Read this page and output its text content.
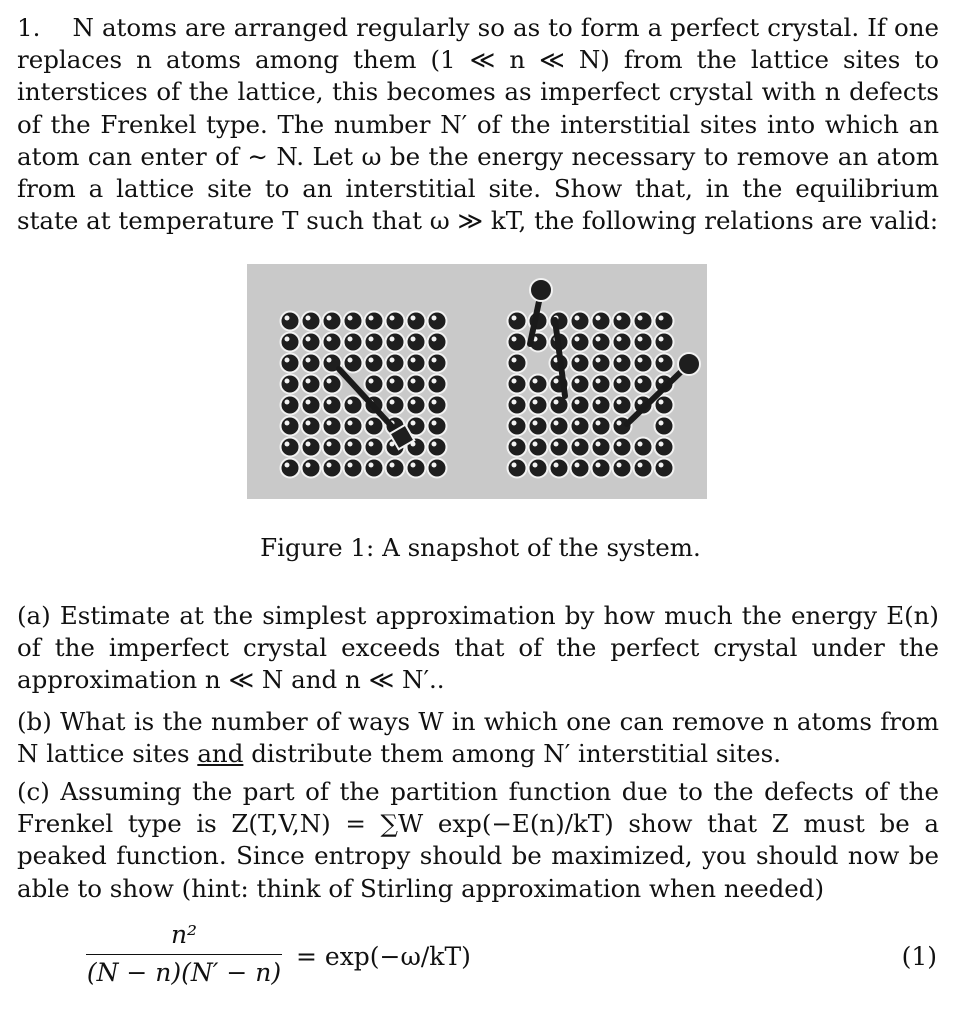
1. N atoms are arranged regularly so as to form a perfect crystal. If one replaces n atoms among them (1 ≪ n ≪ N) from the lattice sites to interstices of the lattice, this becomes as imperfect crystal with n defects of the Frenkel type. The number N′ of the interstitial sites into which an atom can enter of ∼ N. Let ω be the energy necessary to remove an atom from a lattice site to an interstitial site. Show that, in the equilibrium state at temperature T such that ω ≫ kT, the following relations are valid:
Figure 1: A snapshot of the system.
(a) Estimate at the simplest approximation by how much the energy E(n) of the imperfect crystal exceeds that of the perfect crystal under the approximation n ≪ N and n ≪ N′..
(b) What is the number of ways W in which one can remove n atoms from N lattice sites and distribute them among N′ interstitial sites.
(c) Assuming the part of the partition function due to the defects of the Frenkel type is Z(T,V,N) = ∑W exp(−E(n)/kT) show that Z must be a peaked function. Since entropy should be maximized, you should now be able to show (hint: think of Stirling approximation when needed)
n²
(N − n)(N′ − n)
= exp(−ω/kT)	(1)
